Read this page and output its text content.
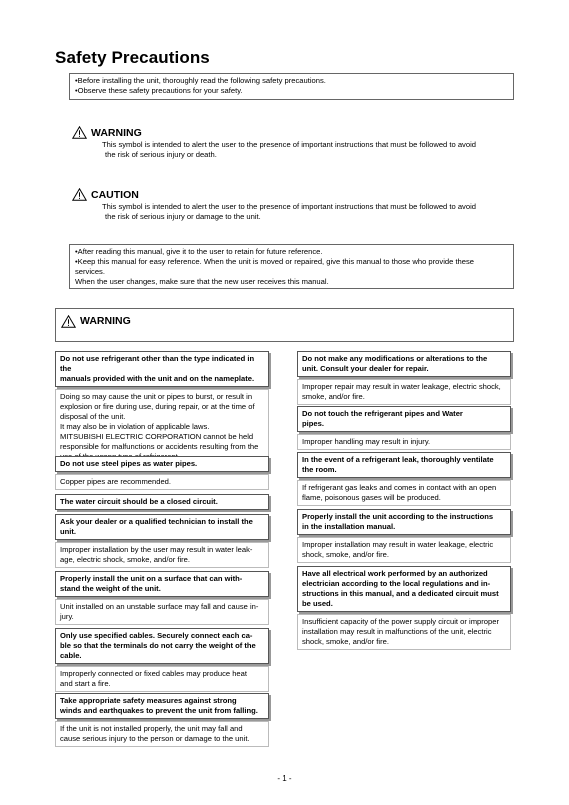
Safety Precautions
•Before installing the unit, thoroughly read the following safety precautions.
•Observe these safety precautions for your safety.
WARNING
This symbol is intended to alert the user to the presence of important instructions that must be followed to avoid
the risk of serious injury or death.
CAUTION
This symbol is intended to alert the user to the presence of important instructions that must be followed to avoid
the risk of serious injury or damage to the unit.
•After reading this manual, give it to the user to retain for future reference.
•Keep this manual for easy reference. When the unit is moved or repaired, give this manual to those who provide these
services.
When the user changes, make sure that the new user receives this manual.
WARNING
Do not use refrigerant other than the type indicated in the
manuals provided with the unit and on the nameplate.
Doing so may cause the unit or pipes to burst, or result in
explosion or fire during use, during repair, or at the time of
disposal of the unit.
It may also be in violation of applicable laws.
MITSUBISHI ELECTRIC CORPORATION cannot be held
responsible for malfunctions or accidents resulting from the
Do not use steel pipes as water pipes.
Copper pipes are recommended.
The water circuit should be a closed circuit.
Ask your dealer or a qualified technician to install the
unit.
Improper installation by the user may result in water leak-
age, electric shock, smoke, and/or fire.
Properly install the unit on a surface that can with-
stand the weight of the unit.
Unit installed on an unstable surface may fall and cause in-
jury.
Only use specified cables. Securely connect each ca-
ble so that the terminals do not carry the weight of the
cable.
Improperly connected or fixed cables may produce heat
and start a fire.
Take appropriate safety measures against strong
winds and earthquakes to prevent the unit from falling.
If the unit is not installed properly, the unit may fall and
cause serious injury to the person or damage to the unit.
Do not make any modifications or alterations to the
unit. Consult your dealer for repair.
Improper repair may result in water leakage, electric shock,
smoke, and/or fire.
Do not touch the refrigerant pipes and Water
pipes.
Improper handling may result in injury.
In the event of a refrigerant leak, thoroughly ventilate
the room.
If refrigerant gas leaks and comes in contact with an open
flame, poisonous gases will be produced.
Properly install the unit according to the instructions
in the installation manual.
Improper installation may result in water leakage, electric
shock, smoke, and/or fire.
Have all electrical work performed by an authorized
electrician according to the local regulations and in-
structions in this manual, and a dedicated circuit must
be used.
Insufficient capacity of the power supply circuit or improper
installation may result in malfunctions of the unit, electric
shock, smoke, and/or fire.
- 1 -
